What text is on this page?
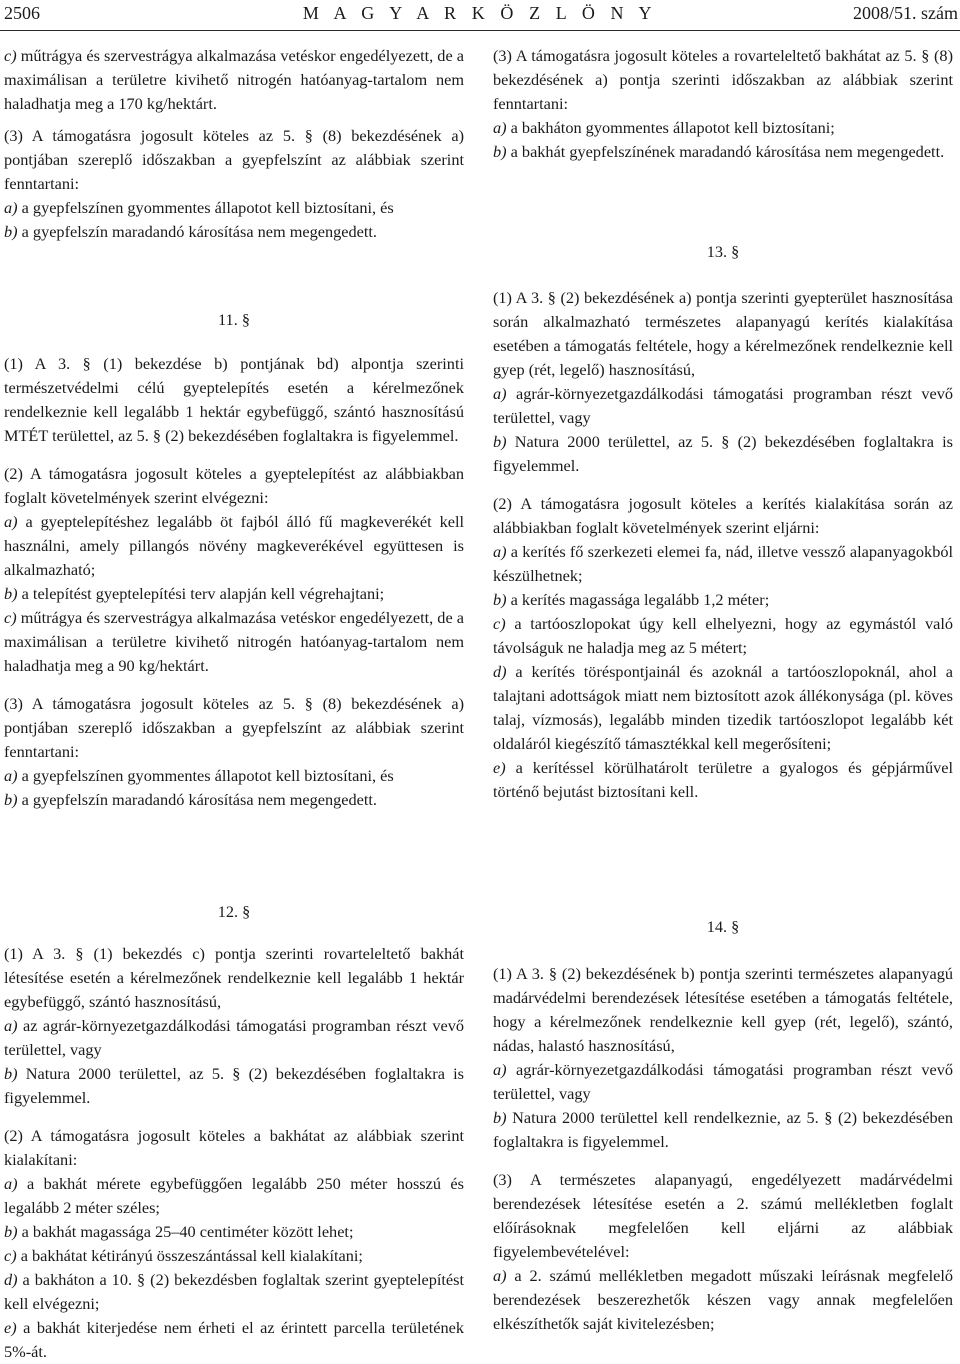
2506	M A G Y A R K Ö Z L Ö N Y	2008/51. szám

c) műtrágya és szervestrágya alkalmazása vetéskor engedélyezett, de a maximálisan a területre kivihető nitrogén hatóanyag-tartalom nem haladhatja meg a 170 kg/hektárt.

(3) A támogatásra jogosult köteles az 5. § (8) bekezdésének a) pontjában szereplő időszakban a gyepfelszínt az alábbiak szerint fenntartani:

a) a gyepfelszínen gyommentes állapotot kell biztosítani, és

b) a gyepfelszín maradandó károsítása nem megengedett.

11. §

(1) A 3. § (1) bekezdése b) pontjának bd) alpontja szerinti természetvédelmi célú gyeptelepítés esetén a kérelmezőnek rendelkeznie kell legalább 1 hektár egybefüggő, szántó hasznosítású MTÉT területtel, az 5. § (2) bekezdésében foglaltakra is figyelemmel.

(2) A támogatásra jogosult köteles a gyeptelepítést az alábbiakban foglalt követelmények szerint elvégezni:

a) a gyeptelepítéshez legalább öt fajból álló fű magkeverékét kell használni, amely pillangós növény magkeverékével együttesen is alkalmazható;

b) a telepítést gyeptelepítési terv alapján kell végrehajtani;

c) műtrágya és szervestrágya alkalmazása vetéskor engedélyezett, de a maximálisan a területre kivihető nitrogén hatóanyag-tartalom nem haladhatja meg a 90 kg/hektárt.

(3) A támogatásra jogosult köteles az 5. § (8) bekezdésének a) pontjában szereplő időszakban a gyepfelszínt az alábbiak szerint fenntartani:

a) a gyepfelszínen gyommentes állapotot kell biztosítani, és

b) a gyepfelszín maradandó károsítása nem megengedett.

12. §

(1) A 3. § (1) bekezdés c) pontja szerinti rovarteleltető bakhát létesítése esetén a kérelmezőnek rendelkeznie kell legalább 1 hektár egybefüggő, szántó hasznosítású,

a) az agrár-környezetgazdálkodási támogatási programban részt vevő területtel, vagy

b) Natura 2000 területtel, az 5. § (2) bekezdésében foglaltakra is figyelemmel.

(2) A támogatásra jogosult köteles a bakhátat az alábbiak szerint kialakítani:

a) a bakhát mérete egybefüggően legalább 250 méter hosszú és legalább 2 méter széles;

b) a bakhát magassága 25–40 centiméter között lehet;

c) a bakhátat kétirányú összeszántással kell kialakítani;

d) a bakháton a 10. § (2) bekezdésben foglaltak szerint gyeptelepítést kell elvégezni;

e) a bakhát kiterjedése nem érheti el az érintett parcella területének 5%-át.

(3) A támogatásra jogosult köteles a rovarteleltető bakhátat az 5. § (8) bekezdésének a) pontja szerinti időszakban az alábbiak szerint fenntartani:

a) a bakháton gyommentes állapotot kell biztosítani;

b) a bakhát gyepfelszínének maradandó károsítása nem megengedett.

13. §

(1) A 3. § (2) bekezdésének a) pontja szerinti gyepterület hasznosítása során alkalmazható természetes alapanyagú kerítés kialakítása esetében a támogatás feltétele, hogy a kérelmezőnek rendelkeznie kell gyep (rét, legelő) hasznosítású,

a) agrár-környezetgazdálkodási támogatási programban részt vevő területtel, vagy

b) Natura 2000 területtel, az 5. § (2) bekezdésében foglaltakra is figyelemmel.

(2) A támogatásra jogosult köteles a kerítés kialakítása során az alábbiakban foglalt követelmények szerint eljárni:

a) a kerítés fő szerkezeti elemei fa, nád, illetve vessző alapanyagokból készülhetnek;

b) a kerítés magassága legalább 1,2 méter;

c) a tartóoszlopokat úgy kell elhelyezni, hogy az egymástól való távolságuk ne haladja meg az 5 métert;

d) a kerítés töréspontjainál és azoknál a tartóoszlopoknál, ahol a talajtani adottságok miatt nem biztosított azok állékonysága (pl. köves talaj, vízmosás), legalább minden tizedik tartóoszlopot legalább két oldaláról kiegészítő támasztékkal kell megerősíteni;

e) a kerítéssel körülhatárolt területre a gyalogos és gépjárművel történő bejutást biztosítani kell.

14. §

(1) A 3. § (2) bekezdésének b) pontja szerinti természetes alapanyagú madárvédelmi berendezések létesítése esetében a támogatás feltétele, hogy a kérelmezőnek rendelkeznie kell gyep (rét, legelő), szántó, nádas, halastó hasznosítású,

a) agrár-környezetgazdálkodási támogatási programban részt vevő területtel, vagy

b) Natura 2000 területtel kell rendelkeznie, az 5. § (2) bekezdésében foglaltakra is figyelemmel.

(3) A természetes alapanyagú, engedélyezett madárvédelmi berendezések létesítése esetén a 2. számú mellékletben foglalt előírásoknak megfelelően kell eljárni az alábbiak figyelembevételével:

a) a 2. számú mellékletben megadott műszaki leírásnak megfelelő berendezések beszerezhetők készen vagy annak megfelelően elkészíthetők saját kivitelezésben;
